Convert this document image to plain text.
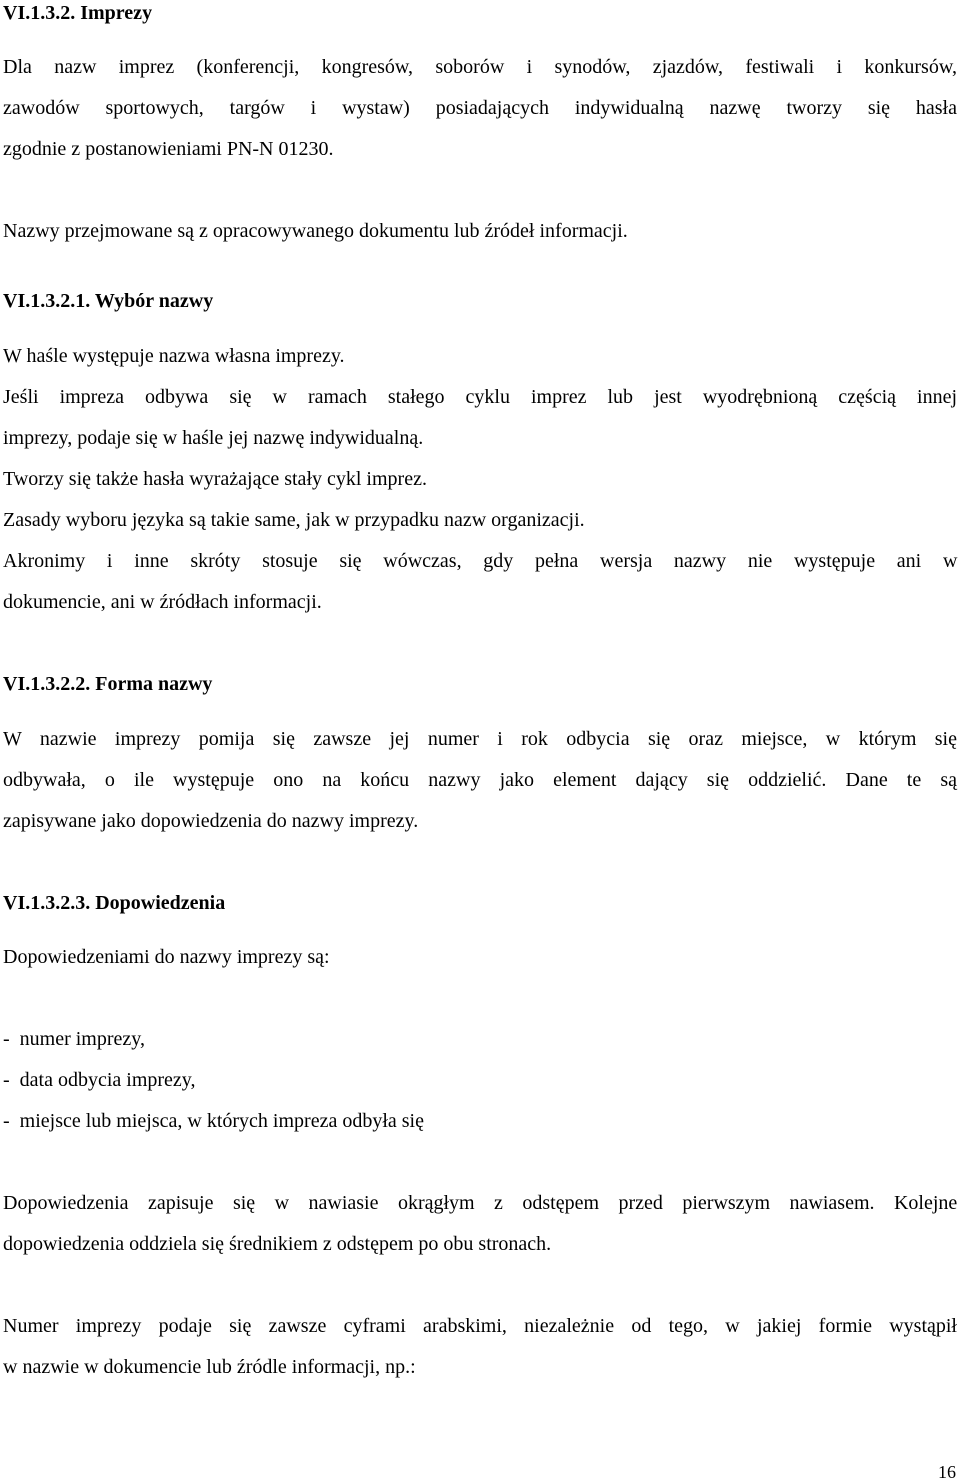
VI.1.3.2. Imprezy
Dla nazw imprez (konferencji, kongresów, soborów i synodów, zjazdów, festiwali i konkursów,
zawodów sportowych, targów i wystaw) posiadających indywidualną nazwę tworzy się hasła
zgodnie z postanowieniami PN-N 01230.
Nazwy przejmowane są z opracowywanego dokumentu lub źródeł informacji.
VI.1.3.2.1. Wybór nazwy
W haśle występuje nazwa własna imprezy.
Jeśli impreza odbywa się w ramach stałego cyklu imprez lub jest wyodrębnioną częścią innej
imprezy, podaje się w haśle jej nazwę indywidualną.
Tworzy się także hasła wyrażające stały cykl imprez.
Zasady wyboru języka są takie same, jak w przypadku nazw organizacji.
Akronimy i inne skróty stosuje się wówczas, gdy pełna wersja nazwy nie występuje ani w
dokumencie, ani w źródłach informacji.
VI.1.3.2.2. Forma nazwy
W nazwie imprezy pomija się zawsze jej numer i rok odbycia się oraz miejsce, w którym się
odbywała, o ile występuje ono na końcu nazwy jako element dający się oddzielić. Dane te są
zapisywane jako dopowiedzenia do nazwy imprezy.
VI.1.3.2.3. Dopowiedzenia
Dopowiedzeniami do nazwy imprezy są:
-  numer imprezy,
-  data odbycia imprezy,
-  miejsce lub miejsca, w których impreza odbyła się
Dopowiedzenia zapisuje się w nawiasie okrągłym z odstępem przed pierwszym nawiasem. Kolejne
dopowiedzenia oddziela się średnikiem z odstępem po obu stronach.
Numer imprezy podaje się zawsze cyframi arabskimi, niezależnie od tego, w jakiej formie wystąpił
w nazwie w dokumencie lub źródle informacji, np.:
16
